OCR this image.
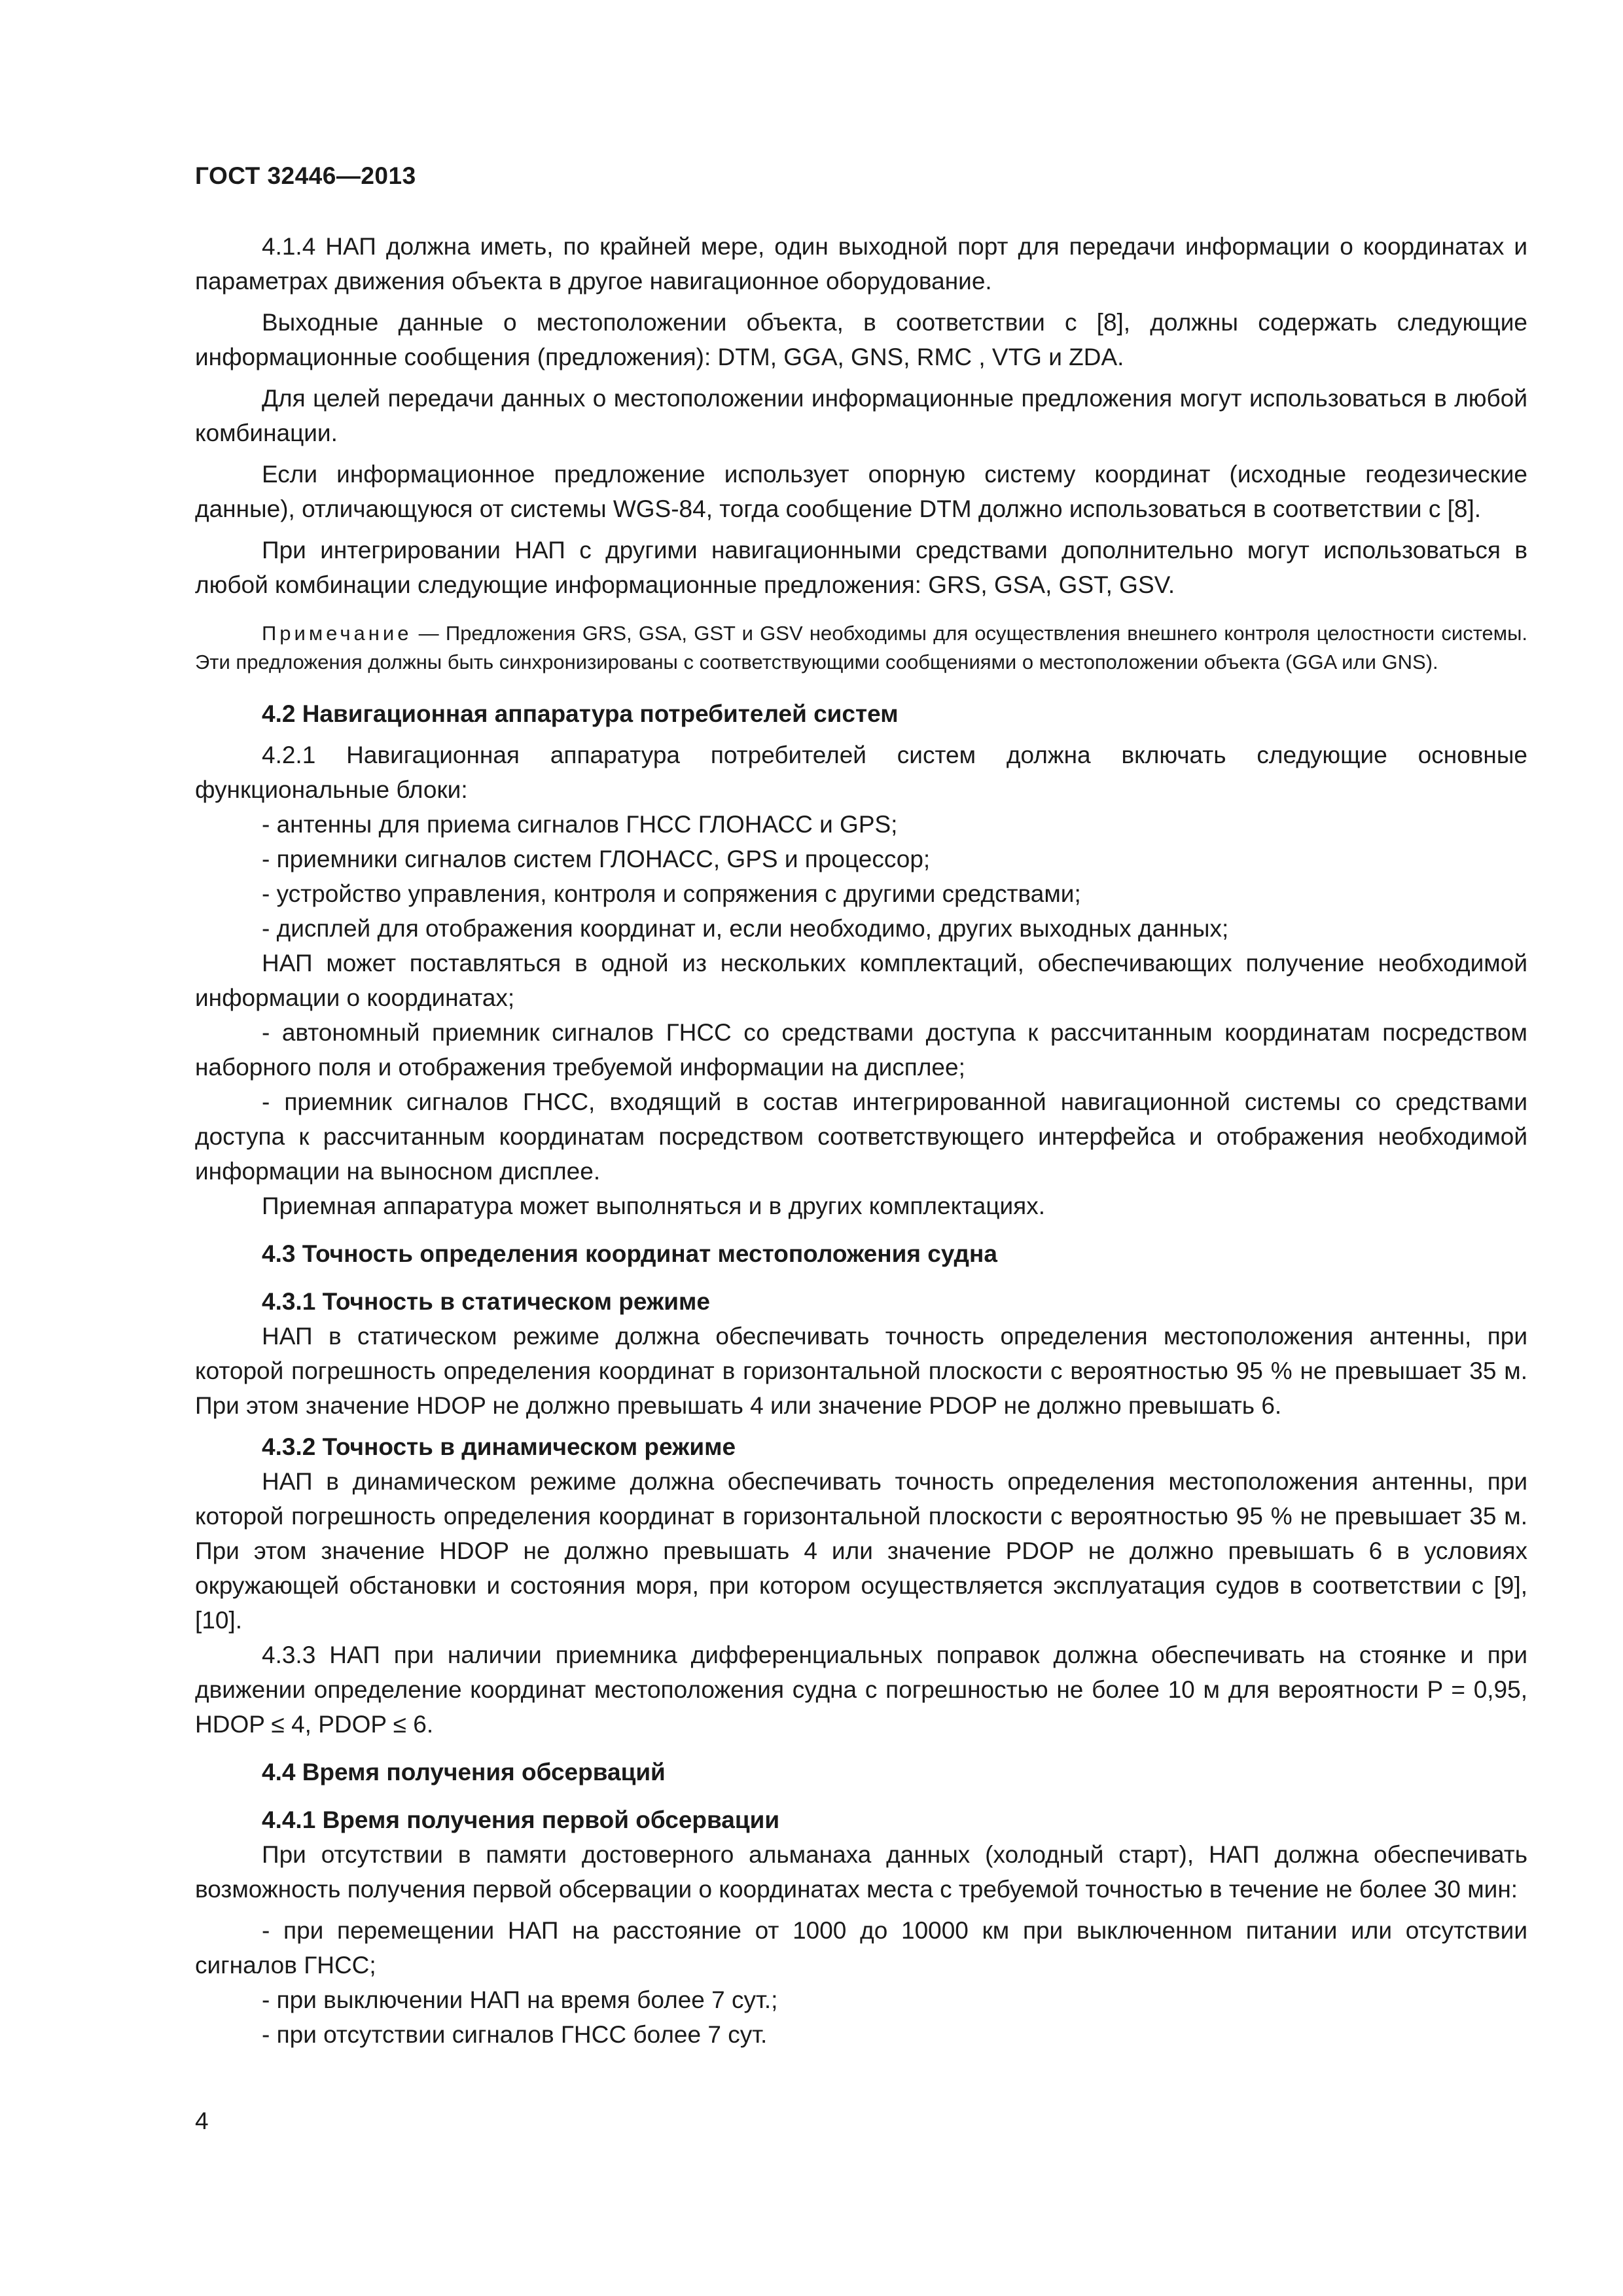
ГОСТ 32446—2013

4.1.4 НАП должна иметь, по крайней мере, один выходной порт для передачи информации о координатах и параметрах движения объекта в другое навигационное оборудование.

Выходные данные о местоположении объекта, в соответствии с [8], должны содержать следующие информационные сообщения (предложения): DTM, GGA, GNS, RMC , VTG и ZDA.

Для целей передачи данных о местоположении информационные предложения могут использоваться в любой комбинации.

Если информационное предложение использует опорную систему координат (исходные геодезические данные), отличающуюся от системы WGS-84, тогда сообщение DTM должно использоваться в соответствии с [8].

При интегрировании НАП с другими навигационными средствами дополнительно могут использоваться в любой комбинации следующие информационные предложения: GRS, GSA, GST, GSV.

Примечание — Предложения GRS, GSA, GST и GSV необходимы для осуществления внешнего контроля целостности системы. Эти предложения должны быть синхронизированы с соответствующими сообщениями о местоположении объекта (GGA или GNS).

4.2 Навигационная аппаратура потребителей систем

4.2.1 Навигационная аппаратура потребителей систем должна включать следующие основные функциональные блоки:

- антенны для приема сигналов ГНСС ГЛОНАСС и GPS;

- приемники сигналов систем ГЛОНАСС, GPS и процессор;

- устройство управления, контроля и сопряжения с другими средствами;

- дисплей для отображения координат и, если необходимо, других выходных данных;

НАП может поставляться в одной из нескольких комплектаций, обеспечивающих получение необходимой информации о координатах;

- автономный приемник сигналов ГНСС со средствами доступа к рассчитанным координатам посредством наборного поля и отображения требуемой информации на дисплее;

- приемник сигналов ГНСС, входящий в состав интегрированной навигационной системы со средствами доступа к рассчитанным координатам посредством соответствующего интерфейса и отображения необходимой информации на выносном дисплее.

Приемная аппаратура может выполняться и в других комплектациях.

4.3 Точность определения координат местоположения судна

4.3.1 Точность в статическом режиме

НАП в статическом режиме должна обеспечивать точность определения местоположения антенны, при которой погрешность определения координат в горизонтальной плоскости с вероятностью 95 % не превышает 35 м. При этом значение HDOP не должно превышать 4 или значение PDOP не должно превышать 6.

4.3.2 Точность в динамическом режиме

НАП в динамическом режиме должна обеспечивать точность определения местоположения антенны, при которой погрешность определения координат в горизонтальной плоскости с вероятностью 95 % не превышает 35 м. При этом значение HDOP не должно превышать 4 или значение PDOP не должно превышать 6 в условиях окружающей обстановки и состояния моря, при котором осуществляется эксплуатация судов в соответствии с [9], [10].

4.3.3 НАП при наличии приемника дифференциальных поправок должна обеспечивать на стоянке и при движении определение координат местоположения судна с погрешностью не более 10 м для вероятности P = 0,95, HDOP ≤ 4, PDOP ≤ 6.

4.4 Время получения обсерваций

4.4.1 Время получения первой обсервации

При отсутствии в памяти достоверного альманаха данных (холодный старт), НАП должна обеспечивать возможность получения первой обсервации о координатах места с требуемой точностью в течение не более 30 мин:

- при перемещении НАП на расстояние от 1000 до 10000 км при выключенном питании или отсутствии сигналов ГНСС;

- при выключении НАП на время более 7 сут.;

- при отсутствии сигналов ГНСС более 7 сут.

4
